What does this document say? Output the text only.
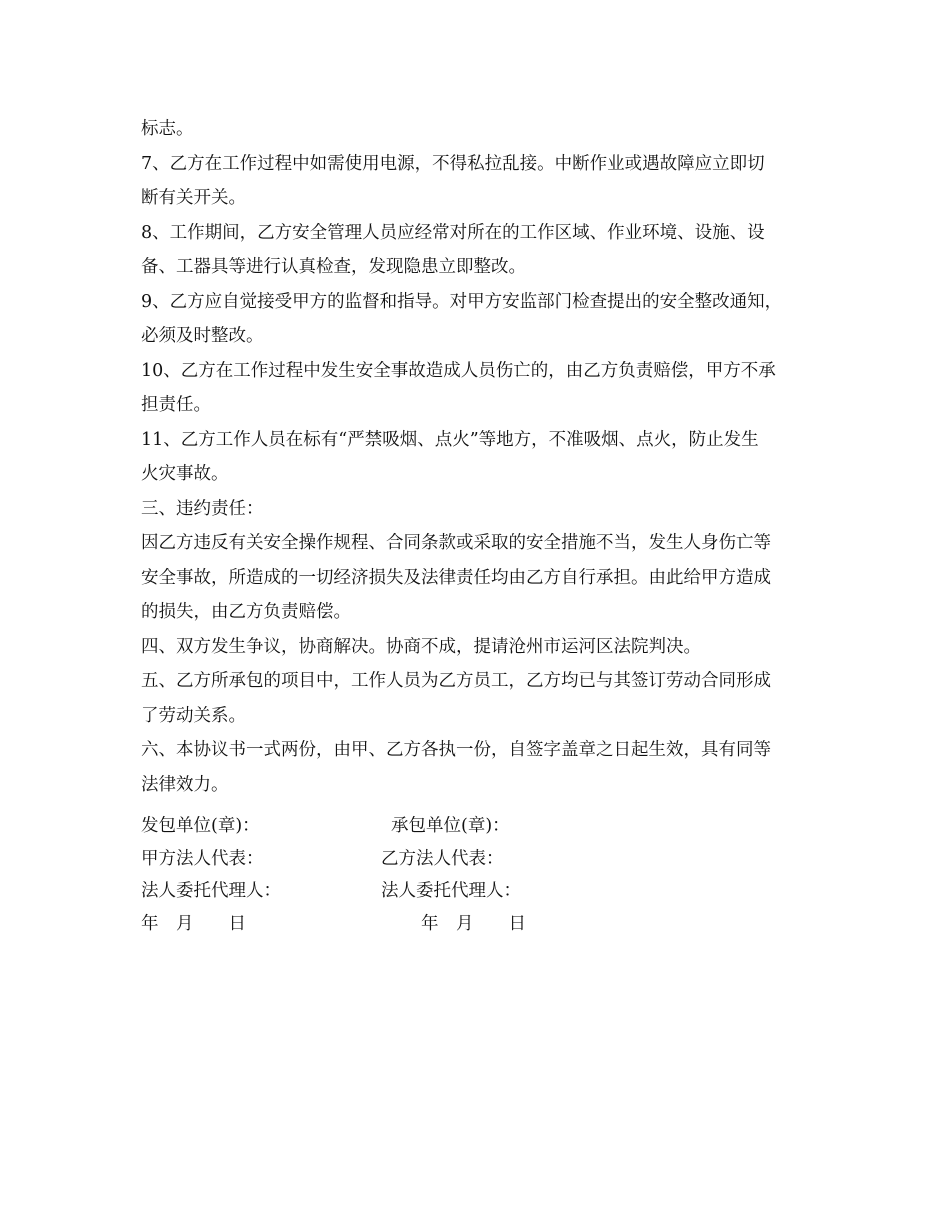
标志。
7、乙方在工作过程中如需使用电源，不得私拉乱接。中断作业或遇故障应立即切
断有关开关。
8、工作期间，乙方安全管理人员应经常对所在的工作区域、作业环境、设施、设
备、工器具等进行认真检查，发现隐患立即整改。
9、乙方应自觉接受甲方的监督和指导。对甲方安监部门检查提出的安全整改通知，
必须及时整改。
10、乙方在工作过程中发生安全事故造成人员伤亡的，由乙方负责赔偿，甲方不承
担责任。
11、乙方工作人员在标有“严禁吸烟、点火”等地方，不准吸烟、点火，防止发生
火灾事故。
三、违约责任：
因乙方违反有关安全操作规程、合同条款或采取的安全措施不当，发生人身伤亡等
安全事故，所造成的一切经济损失及法律责任均由乙方自行承担。由此给甲方造成
的损失，由乙方负责赔偿。
四、双方发生争议，协商解决。协商不成，提请沧州市运河区法院判决。
五、乙方所承包的项目中，工作人员为乙方员工，乙方均已与其签订劳动合同形成
了劳动关系。
六、本协议书一式两份，由甲、乙方各执一份，自签字盖章之日起生效，具有同等
法律效力。
发包单位(章)：	承包单位(章)：
甲方法人代表：	乙方法人代表：
法人委托代理人：	法人委托代理人：
年　月　　日	年　月　　日
